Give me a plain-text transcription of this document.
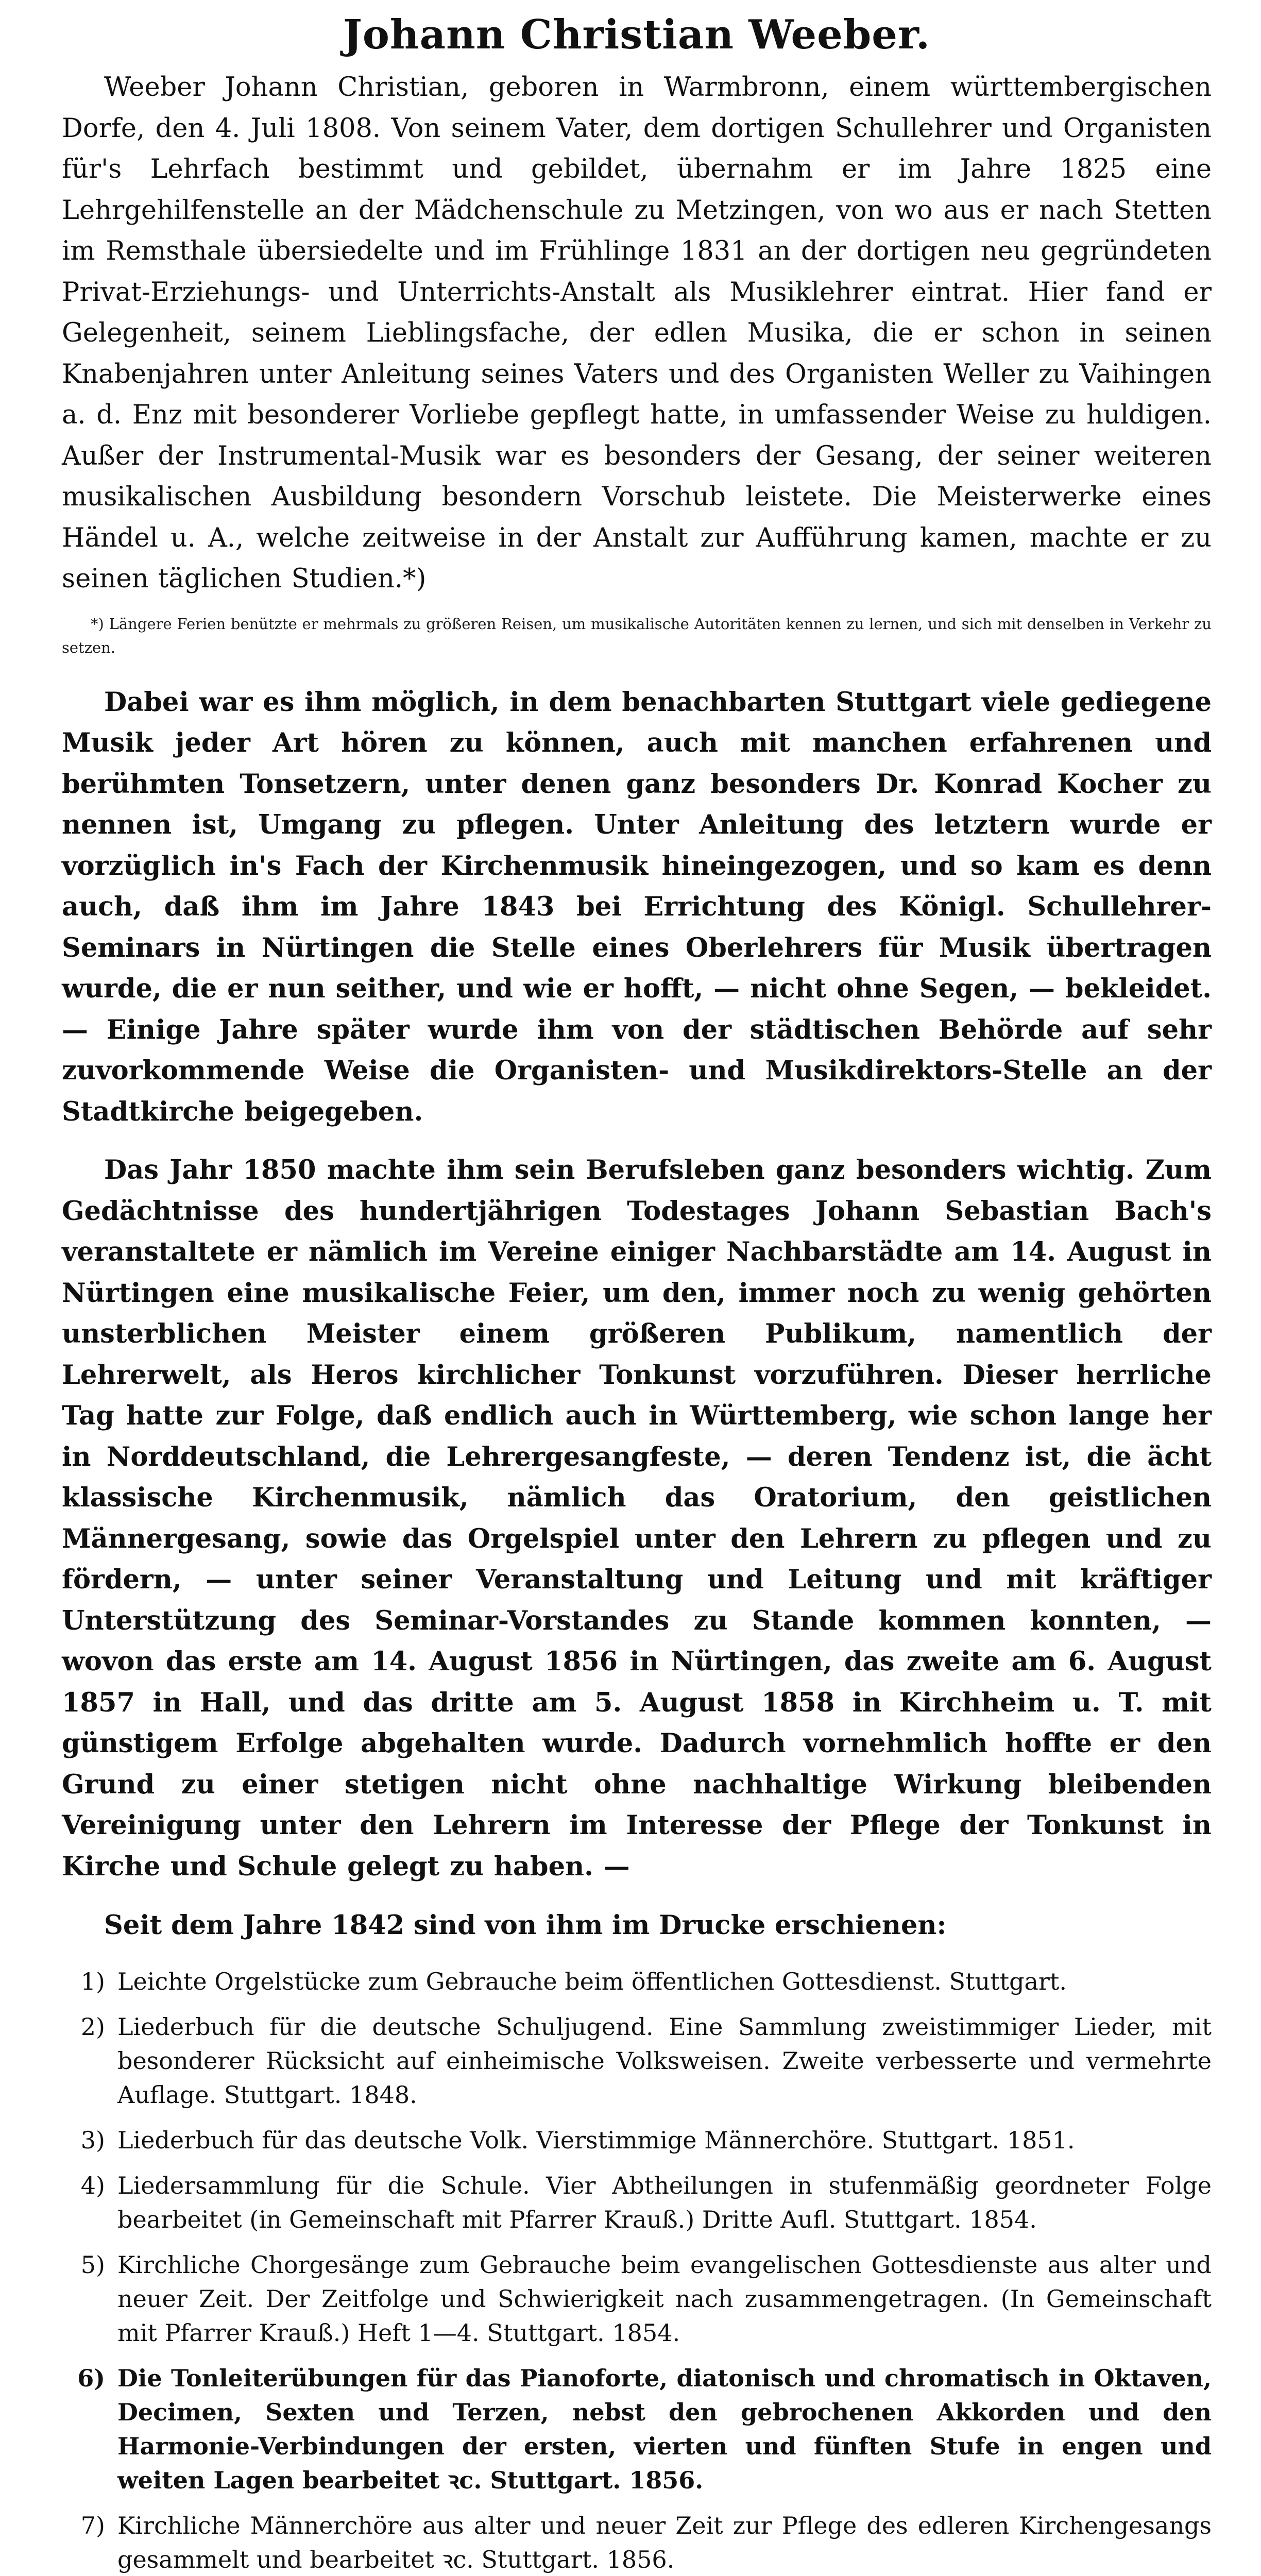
Johann Christian Weeber.

Weeber Johann Christian, geboren in Warmbronn, einem württembergischen Dorfe, den 4. Juli 1808. Von seinem Vater, dem dortigen Schullehrer und Organisten für's Lehrfach bestimmt und gebildet, übernahm er im Jahre 1825 eine Lehrgehilfenstelle an der Mädchenschule zu Metzingen, von wo aus er nach Stetten im Remsthale übersiedelte und im Frühlinge 1831 an der dortigen neu gegründeten Privat-Erziehungs- und Unterrichts-Anstalt als Musiklehrer eintrat. Hier fand er Gelegenheit, seinem Lieblingsfache, der edlen Musika, die er schon in seinen Knabenjahren unter Anleitung seines Vaters und des Organisten Weller zu Vaihingen a. d. Enz mit besonderer Vorliebe gepflegt hatte, in umfassender Weise zu huldigen. Außer der Instrumental-Musik war es besonders der Gesang, der seiner weiteren musikalischen Ausbildung besondern Vorschub leistete. Die Meisterwerke eines Händel u. A., welche zeitweise in der Anstalt zur Aufführung kamen, machte er zu seinen täglichen Studien.*)

*) Längere Ferien benützte er mehrmals zu größeren Reisen, um musikalische Autoritäten kennen zu lernen, und sich mit denselben in Verkehr zu setzen.

Dabei war es ihm möglich, in dem benachbarten Stuttgart viele gediegene Musik jeder Art hören zu können, auch mit manchen erfahrenen und berühmten Tonsetzern, unter denen ganz besonders Dr. Konrad Kocher zu nennen ist, Umgang zu pflegen. Unter Anleitung des letztern wurde er vorzüglich in's Fach der Kirchenmusik hineingezogen, und so kam es denn auch, daß ihm im Jahre 1843 bei Errichtung des Königl. Schullehrer-Seminars in Nürtingen die Stelle eines Oberlehrers für Musik übertragen wurde, die er nun seither, und wie er hofft, — nicht ohne Segen, — bekleidet. — Einige Jahre später wurde ihm von der städtischen Behörde auf sehr zuvorkommende Weise die Organisten- und Musikdirektors-Stelle an der Stadtkirche beigegeben.

Das Jahr 1850 machte ihm sein Berufsleben ganz besonders wichtig. Zum Gedächtnisse des hundertjährigen Todestages Johann Sebastian Bach's veranstaltete er nämlich im Vereine einiger Nachbarstädte am 14. August in Nürtingen eine musikalische Feier, um den, immer noch zu wenig gehörten unsterblichen Meister einem größeren Publikum, namentlich der Lehrerwelt, als Heros kirchlicher Tonkunst vorzuführen. Dieser herrliche Tag hatte zur Folge, daß endlich auch in Württemberg, wie schon lange her in Norddeutschland, die Lehrergesangfeste, — deren Tendenz ist, die ächt klassische Kirchenmusik, nämlich das Oratorium, den geistlichen Männergesang, sowie das Orgelspiel unter den Lehrern zu pflegen und zu fördern, — unter seiner Veranstaltung und Leitung und mit kräftiger Unterstützung des Seminar-Vorstandes zu Stande kommen konnten, — wovon das erste am 14. August 1856 in Nürtingen, das zweite am 6. August 1857 in Hall, und das dritte am 5. August 1858 in Kirchheim u. T. mit günstigem Erfolge abgehalten wurde. Dadurch vornehmlich hoffte er den Grund zu einer stetigen nicht ohne nachhaltige Wirkung bleibenden Vereinigung unter den Lehrern im Interesse der Pflege der Tonkunst in Kirche und Schule gelegt zu haben. —

Seit dem Jahre 1842 sind von ihm im Drucke erschienen:

1) Leichte Orgelstücke zum Gebrauche beim öffentlichen Gottesdienst. Stuttgart.
2) Liederbuch für die deutsche Schuljugend. Eine Sammlung zweistimmiger Lieder, mit besonderer Rücksicht auf einheimische Volksweisen. Zweite verbesserte und vermehrte Auflage. Stuttgart. 1848.
3) Liederbuch für das deutsche Volk. Vierstimmige Männerchöre. Stuttgart. 1851.
4) Liedersammlung für die Schule. Vier Abtheilungen in stufenmäßig geordneter Folge bearbeitet (in Gemeinschaft mit Pfarrer Krauß.) Dritte Aufl. Stuttgart. 1854.
5) Kirchliche Chorgesänge zum Gebrauche beim evangelischen Gottesdienste aus alter und neuer Zeit. Der Zeitfolge und Schwierigkeit nach zusammengetragen. (In Gemeinschaft mit Pfarrer Krauß.) Heft 1—4. Stuttgart. 1854.
6) Die Tonleiterübungen für das Pianoforte, diatonisch und chromatisch in Oktaven, Decimen, Sexten und Terzen, nebst den gebrochenen Akkorden und den Harmonie-Verbindungen der ersten, vierten und fünften Stufe in engen und weiten Lagen bearbeitet ꝛc. Stuttgart. 1856.
7) Kirchliche Männerchöre aus alter und neuer Zeit zur Pflege des edleren Kirchengesangs gesammelt und bearbeitet ꝛc. Stuttgart. 1856.
